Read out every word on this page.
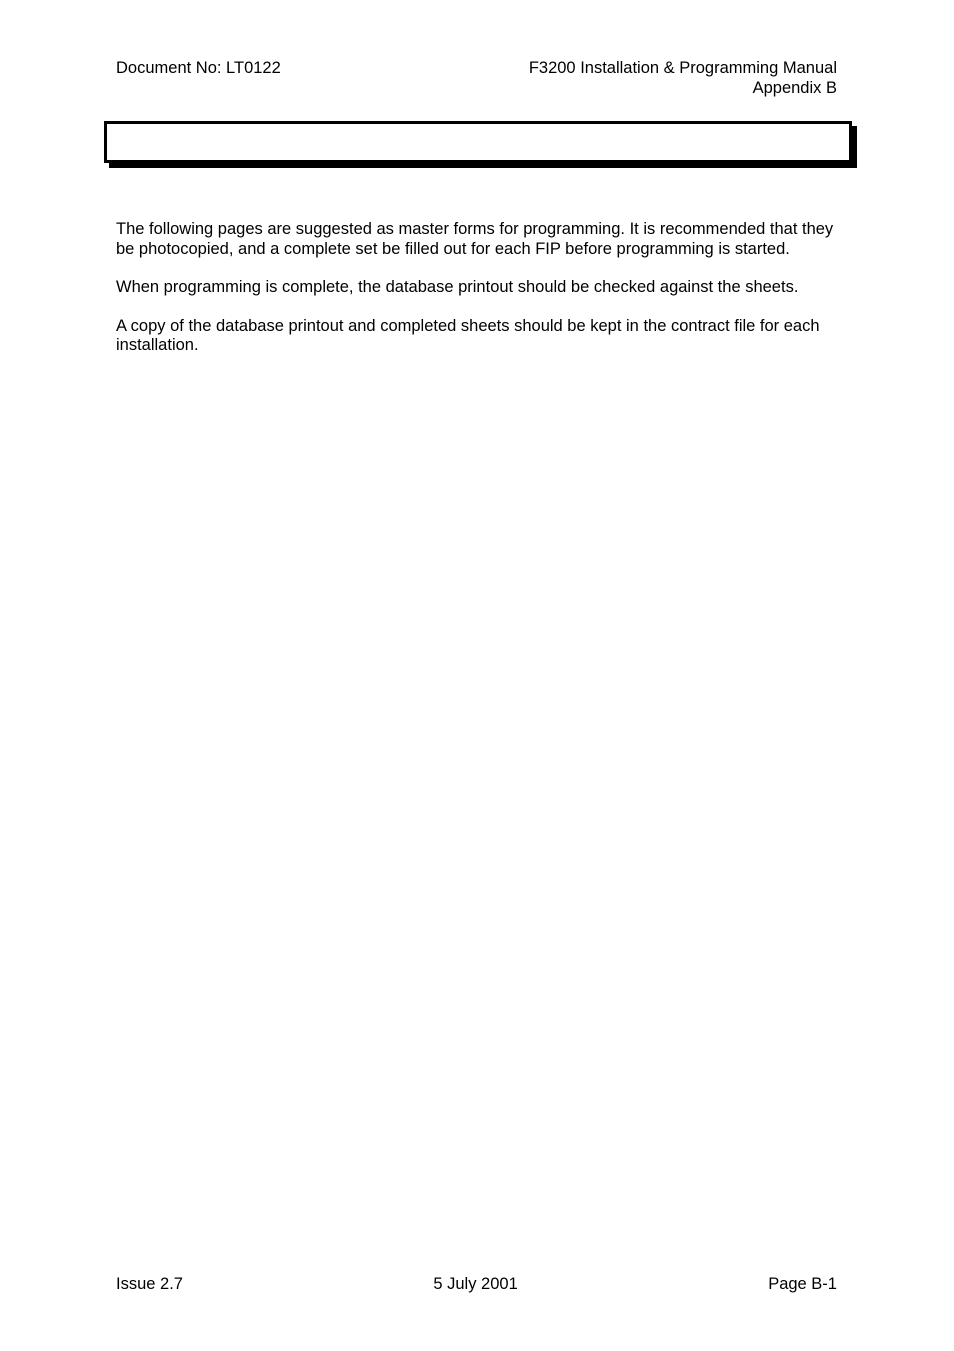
Document No: LT0122	F3200 Installation & Programming Manual
Appendix B

The following pages are suggested as master forms for programming. It is recommended that they be photocopied, and a complete set be filled out for each FIP before programming is started.

When programming is complete, the database printout should be checked against the sheets.

A copy of the database printout and completed sheets should be kept in the contract file for each installation.

Issue 2.7	5 July 2001	Page B-1
